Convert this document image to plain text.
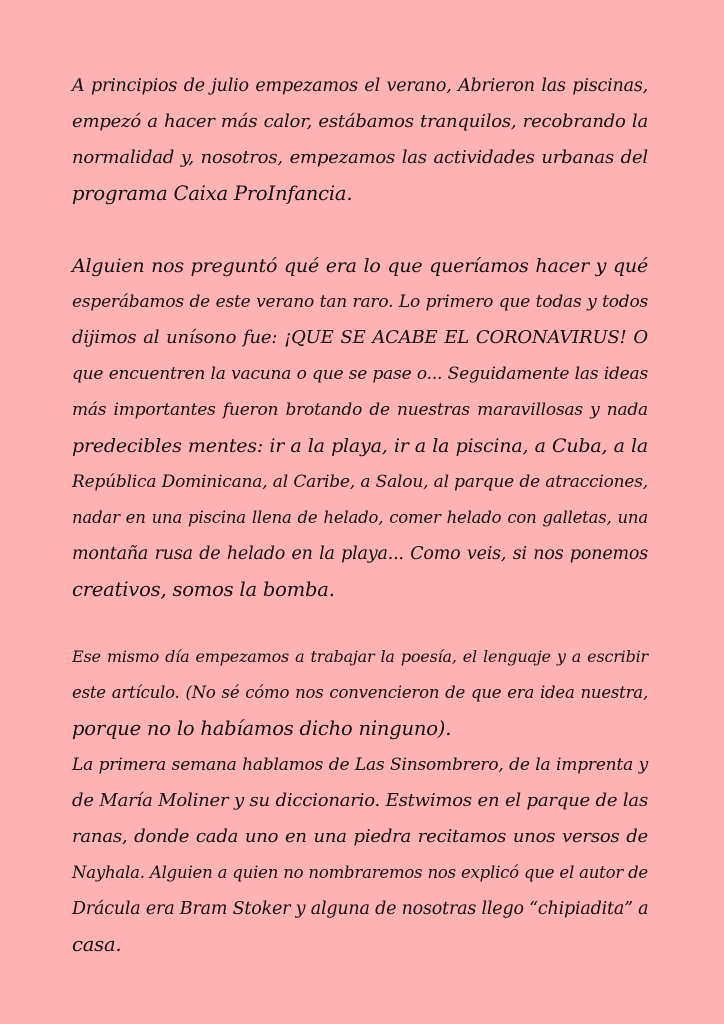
A principios de julio empezamos el verano, Abrieron las piscinas,
empezó a hacer más calor, estábamos tranquilos, recobrando la
normalidad y, nosotros, empezamos las actividades urbanas del
programa Caixa ProInfancia.
Alguien nos preguntó qué era lo que queríamos hacer y qué
esperábamos de este verano tan raro. Lo primero que todas y todos
dijimos al unísono fue: ¡QUE SE ACABE EL CORONAVIRUS! O
que encuentren la vacuna o que se pase o... Seguidamente las ideas
más importantes fueron brotando de nuestras maravillosas y nada
predecibles mentes: ir a la playa, ir a la piscina, a Cuba, a la
República Dominicana, al Caribe, a Salou, al parque de atracciones,
nadar en una piscina llena de helado, comer helado con galletas, una
montaña rusa de helado en la playa... Como veis, si nos ponemos
creativos, somos la bomba.
Ese mismo día empezamos a trabajar la poesía, el lenguaje y a escribir
este artículo. (No sé cómo nos convencieron de que era idea nuestra,
porque no lo habíamos dicho ninguno).
La primera semana hablamos de Las Sinsombrero, de la imprenta y
de María Moliner y su diccionario. Estwimos en el parque de las
ranas, donde cada uno en una piedra recitamos unos versos de
Nayhala. Alguien a quien no nombraremos nos explicó que el autor de
Drácula era Bram Stoker y alguna de nosotras llego “chipiadita” a
casa.
